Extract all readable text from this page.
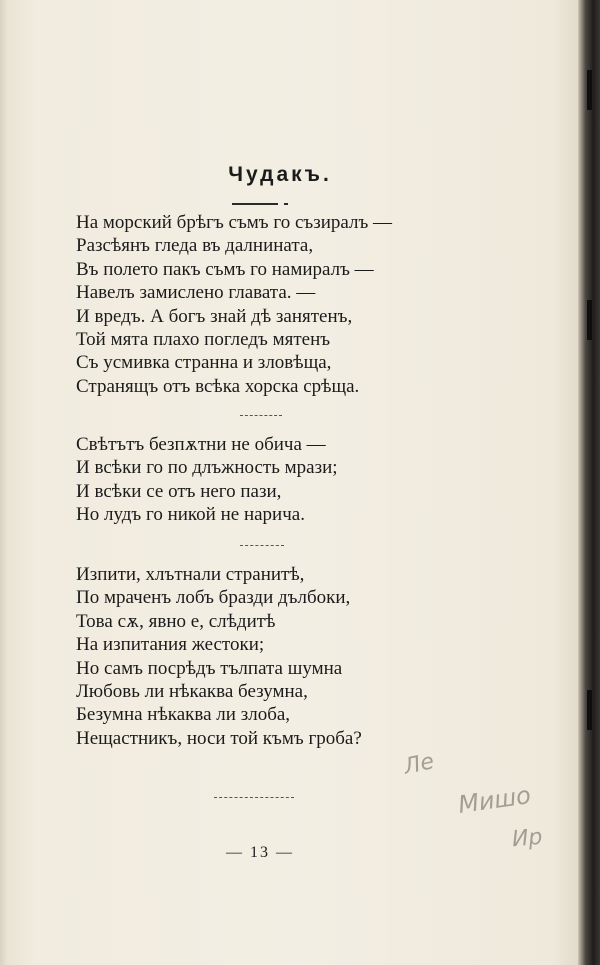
Чудакъ.
На морский брѣгъ съмъ го съзиралъ —
Разсѣянъ гледа въ далнината,
Въ полето пакъ съмъ го намиралъ —
Навелъ замислено главата. —
И вредъ. А богъ знай дѣ занятенъ,
Той мята плахо погледъ мятенъ
Съ усмивка странна и зловѣща,
Странящъ отъ всѣка хорска срѣща.
Свѣтътъ безпѫтни не обича —
И всѣки го по длъжность мрази;
И всѣки се отъ него пази,
Но лудъ го никой не нарича.
Изпити, хлътнали странитѣ,
По мраченъ лобъ бразди дълбоки,
Това сѫ, явно е, слѣдитѣ
На изпитания жестоки;
Но самъ посрѣдъ тълпата шумна
Любовь ли нѣкаква безумна,
Безумна нѣкаква ли злоба,
Нещастникъ, носи той къмъ гроба?
— 13 —
Ле
Мишо
Ир
